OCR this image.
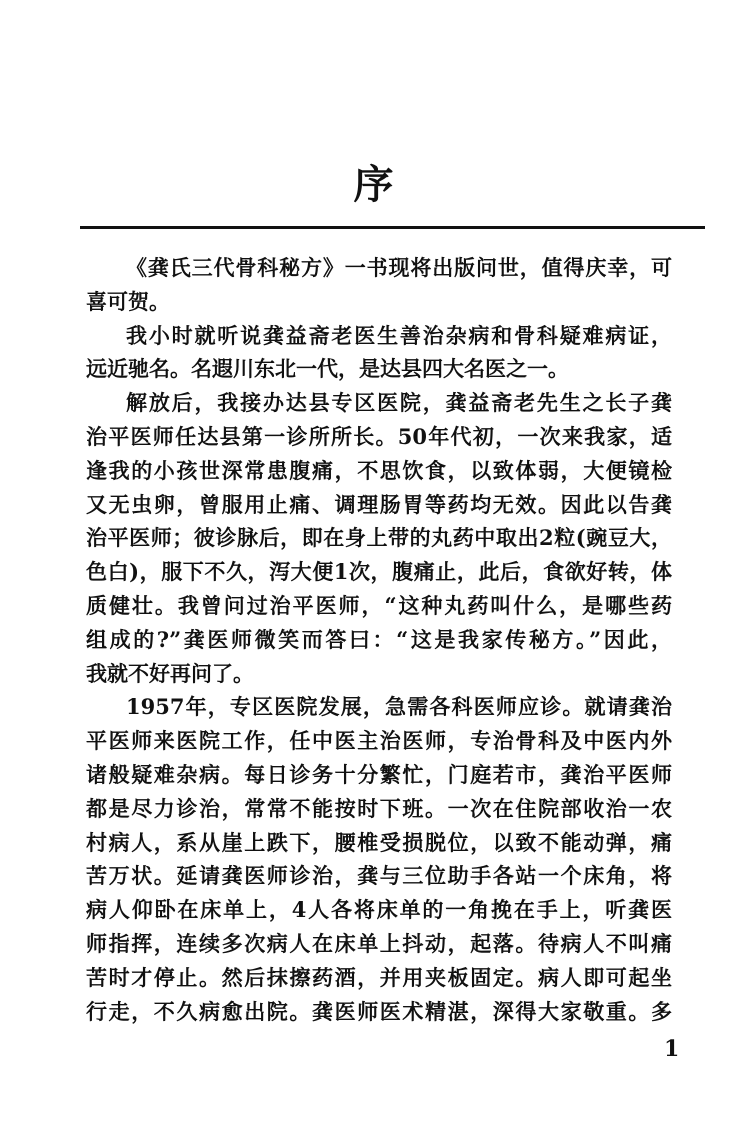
序
《龚氏三代骨科秘方》一书现将出版问世，值得庆幸，可
喜可贺。
我小时就听说龚益斋老医生善治杂病和骨科疑难病证，
远近驰名。名遐川东北一代，是达县四大名医之一。
解放后，我接办达县专区医院，龚益斋老先生之长子龚
治平医师任达县第一诊所所长。50年代初，一次来我家，适
逢我的小孩世深常患腹痛，不思饮食，以致体弱，大便镜检
又无虫卵，曾服用止痛、调理肠胃等药均无效。因此以告龚
治平医师；彼诊脉后，即在身上带的丸药中取出2粒(豌豆大，
色白)，服下不久，泻大便1次，腹痛止，此后，食欲好转，体
质健壮。我曾问过治平医师，“这种丸药叫什么，是哪些药
组成的?”龚医师微笑而答曰：“这是我家传秘方。”因此，
我就不好再问了。
1957年，专区医院发展，急需各科医师应诊。就请龚治
平医师来医院工作，任中医主治医师，专治骨科及中医内外
诸般疑难杂病。每日诊务十分繁忙，门庭若市，龚治平医师
都是尽力诊治，常常不能按时下班。一次在住院部收治一农
村病人，系从崖上跌下，腰椎受损脱位，以致不能动弹，痛
苦万状。延请龚医师诊治，龚与三位助手各站一个床角，将
病人仰卧在床单上，4人各将床单的一角挽在手上，听龚医
师指挥，连续多次病人在床单上抖动，起落。待病人不叫痛
苦时才停止。然后抹擦药酒，并用夹板固定。病人即可起坐
行走，不久病愈出院。龚医师医术精湛，深得大家敬重。多
1
